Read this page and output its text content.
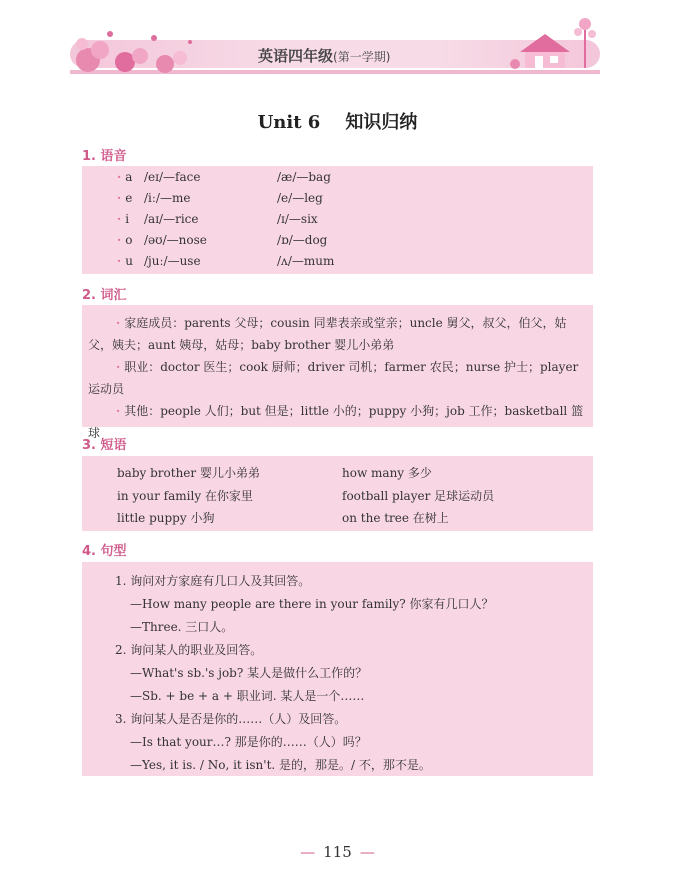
英语四年级(第一学期)
Unit 6    知识归纳
1. 语音
· a /eɪ/—face	/æ/—bag
· e /iː/—me	/e/—leg
· i /aɪ/—rice	/ɪ/—six
· o /əʊ/—nose	/ɒ/—dog
· u /juː/—use	/ʌ/—mum
2. 词汇
· 家庭成员：parents 父母；cousin 同辈表亲或堂亲；uncle 舅父，叔父，伯父，姑父，姨夫；aunt 姨母，姑母；baby brother 婴儿小弟弟
· 职业：doctor 医生；cook 厨师；driver 司机；farmer 农民；nurse 护士；player 运动员
· 其他：people 人们；but 但是；little 小的；puppy 小狗；job 工作；basketball 篮球
3. 短语
baby brother 婴儿小弟弟	how many 多少
in your family 在你家里	football player 足球运动员
little puppy 小狗	on the tree 在树上
4. 句型
1. 询问对方家庭有几口人及其回答。
—How many people are there in your family? 你家有几口人？
—Three. 三口人。
2. 询问某人的职业及回答。
—What's sb.'s job? 某人是做什么工作的？
—Sb. + be + a + 职业词. 某人是一个……
3. 询问某人是否是你的……（人）及回答。
—Is that your…? 那是你的……（人）吗？
—Yes, it is. / No, it isn't. 是的，那是。/ 不，那不是。
— 115 —
